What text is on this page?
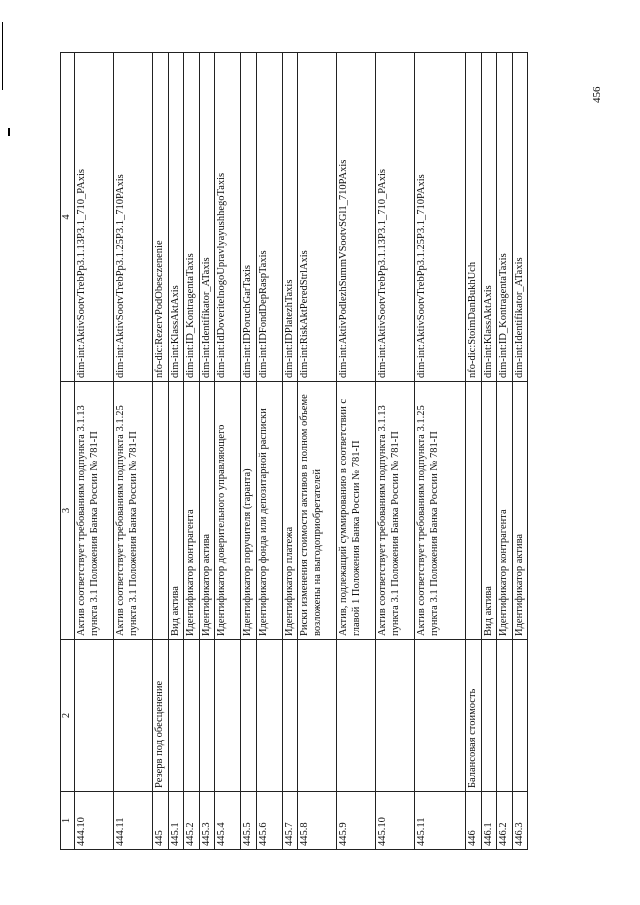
456
1	2	3	4
444.10		Актив соответствует требованиям подпункта 3.1.13 пункта 3.1 Положения Банка России № 781-П	dim-int:AktivSootvTrebPp3.1.13P3.1_710_PAxis
444.11		Актив соответствует требованиям подпункта 3.1.25 пункта 3.1 Положения Банка России № 781-П	dim-int:AktivSootvTrebPp3.1.25P3.1_710PAxis
445	Резерв под обесценение		nfo-dic:RezervPodObesczenenie
445.1		Вид актива	dim-int:KlassAktAxis
445.2		Идентификатор контрагента	dim-int:ID_KontragentaTaxis
445.3		Идентификатор актива	dim-int:Identifikator_ATaxis
445.4		Идентификатор доверительного управляющего	dim-int:IdDoveritelnogoUpravlyayushhegoTaxis
445.5		Идентификатор поручителя (гаранта)	dim-int:IDPoruchGarTaxis
445.6		Идентификатор фонда или депозитарной расписки	dim-int:IDFondDepRaspTaxis
445.7		Идентификатор платежа	dim-int:IDPlatezhTaxis
445.8		Риски изменения стоимости активов в полном объеме возложены на выгодоприобретателей	dim-int:RiskAktPeredStrlAxis
445.9		Актив, подлежащий суммированию в соответствии с главой 1 Положения Банка России № 781-П	dim-int:AktivPodlezhSummVSootvSGl1_710PAxis
445.10		Актив соответствует требованиям подпункта 3.1.13 пункта 3.1 Положения Банка России № 781-П	dim-int:AktivSootvTrebPp3.1.13P3.1_710_PAxis
445.11		Актив соответствует требованиям подпункта 3.1.25 пункта 3.1 Положения Банка России № 781-П	dim-int:AktivSootvTrebPp3.1.25P3.1_710PAxis
446	Балансовая стоимость		nfo-dic:StoimDanBukhUch
446.1		Вид актива	dim-int:KlassAktAxis
446.2		Идентификатор контрагента	dim-int:ID_KontragentaTaxis
446.3		Идентификатор актива	dim-int:Identifikator_ATaxis
